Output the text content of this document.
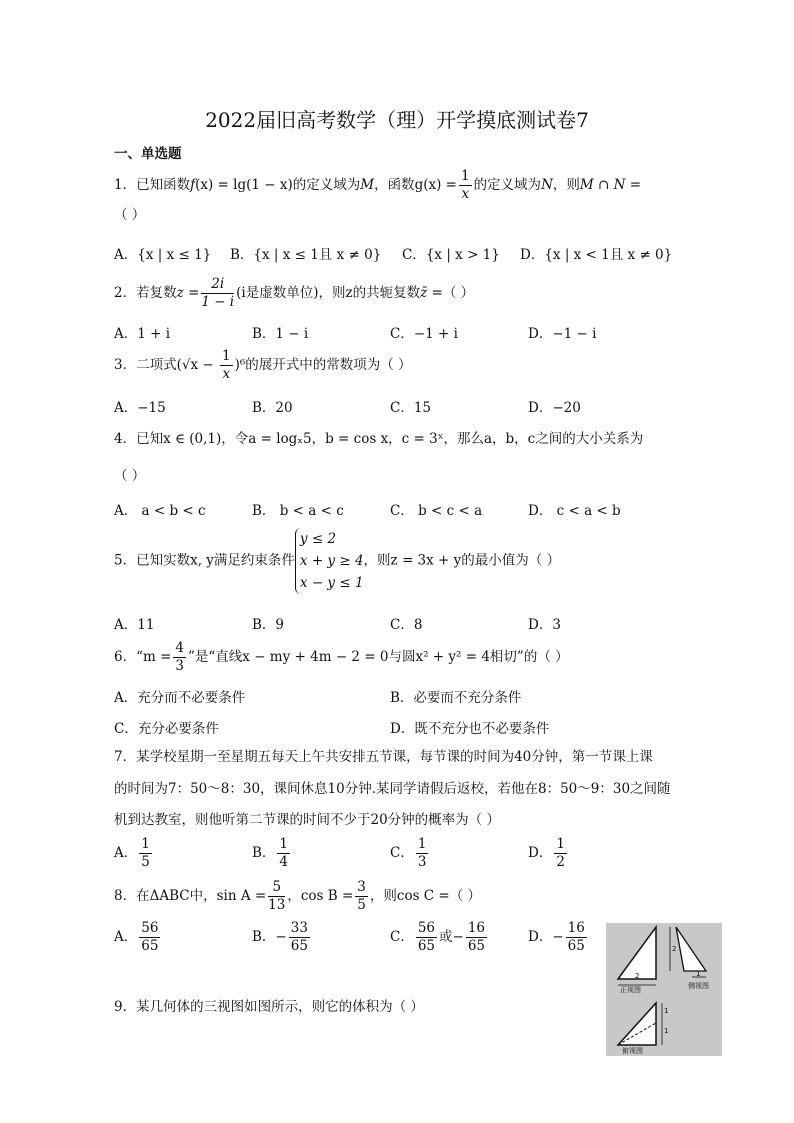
2022届旧高考数学（理）开学摸底测试卷7
一、单选题
1．已知函数f(x) = lg(1 − x)的定义域为M，函数$g(x) = \frac{1}{x}$ 的定义域为N，则M ∩ N =
（ ）
A．{x | x ≤ 1} B．{x | x ≤ 1且 x ≠ 0} C．{x | x > 1} D．{x | x < 1且 x ≠ 0}
2．若复数$z = \frac{2i}{1 - i} (i$是虚数单位)，则z的共轭复数z̄ =（ ）
A．1 + i	B．1 − i	C．−1 + i	D．−1 − i
3．二项式$(√x - \frac{1}{x} )^6$的展开式中的常数项为（ ）
A．−15	B．20	C．15	D．−20
4．已知x ∈ (0,1)，令a = logₓ5，b = cos x，c = 3ˣ，那么a，b，c之间的大小关系为
（ ）
A． a < b < c	B． b < a < c	C． b < c < a	D． c < a < b
5．已知实数x, y满足约束条件
y ≤ 2
x + y ≥ 4
x − y ≤ 1
，则z = 3x + y的最小值为（ ）
A．11	B．9	C．8	D．3
6．“$m = \frac{4}{3}$ ”是“直线x − my + 4m − 2 = 0与圆x² + y² = 4相切”的（ ）
A．充分而不必要条件	B．必要而不充分条件
C．充分必要条件	D．既不充分也不必要条件
7．某学校星期一至星期五每天上午共安排五节课，每节课的时间为40分钟，第一节课上课
的时间为7：50～8：30，课间休息10分钟.某同学请假后返校，若他在8：50～9：30之间随
机到达教室，则他听第二节课的时间不少于20分钟的概率为（ ）
A． $\frac{1}{5}$	B． $\frac{1}{4}$	C． $\frac{1}{3}$	D． $\frac{1}{2}$
8．在ΔABC中，$\sin A = \frac{5}{13}$ ，$\cos B = \frac{3}{5}$ ，则cos C =（ ）
A． $\frac{56}{65}$	B．− $\frac{33}{65}$	C． $\frac{56}{65}$ 或− $\frac{16}{65}$	D．− $\frac{16}{65}$
9．某几何体的三视图如图所示，则它的体积为（ ）
2
正视图
2
1
侧视图
1
1
俯视图
